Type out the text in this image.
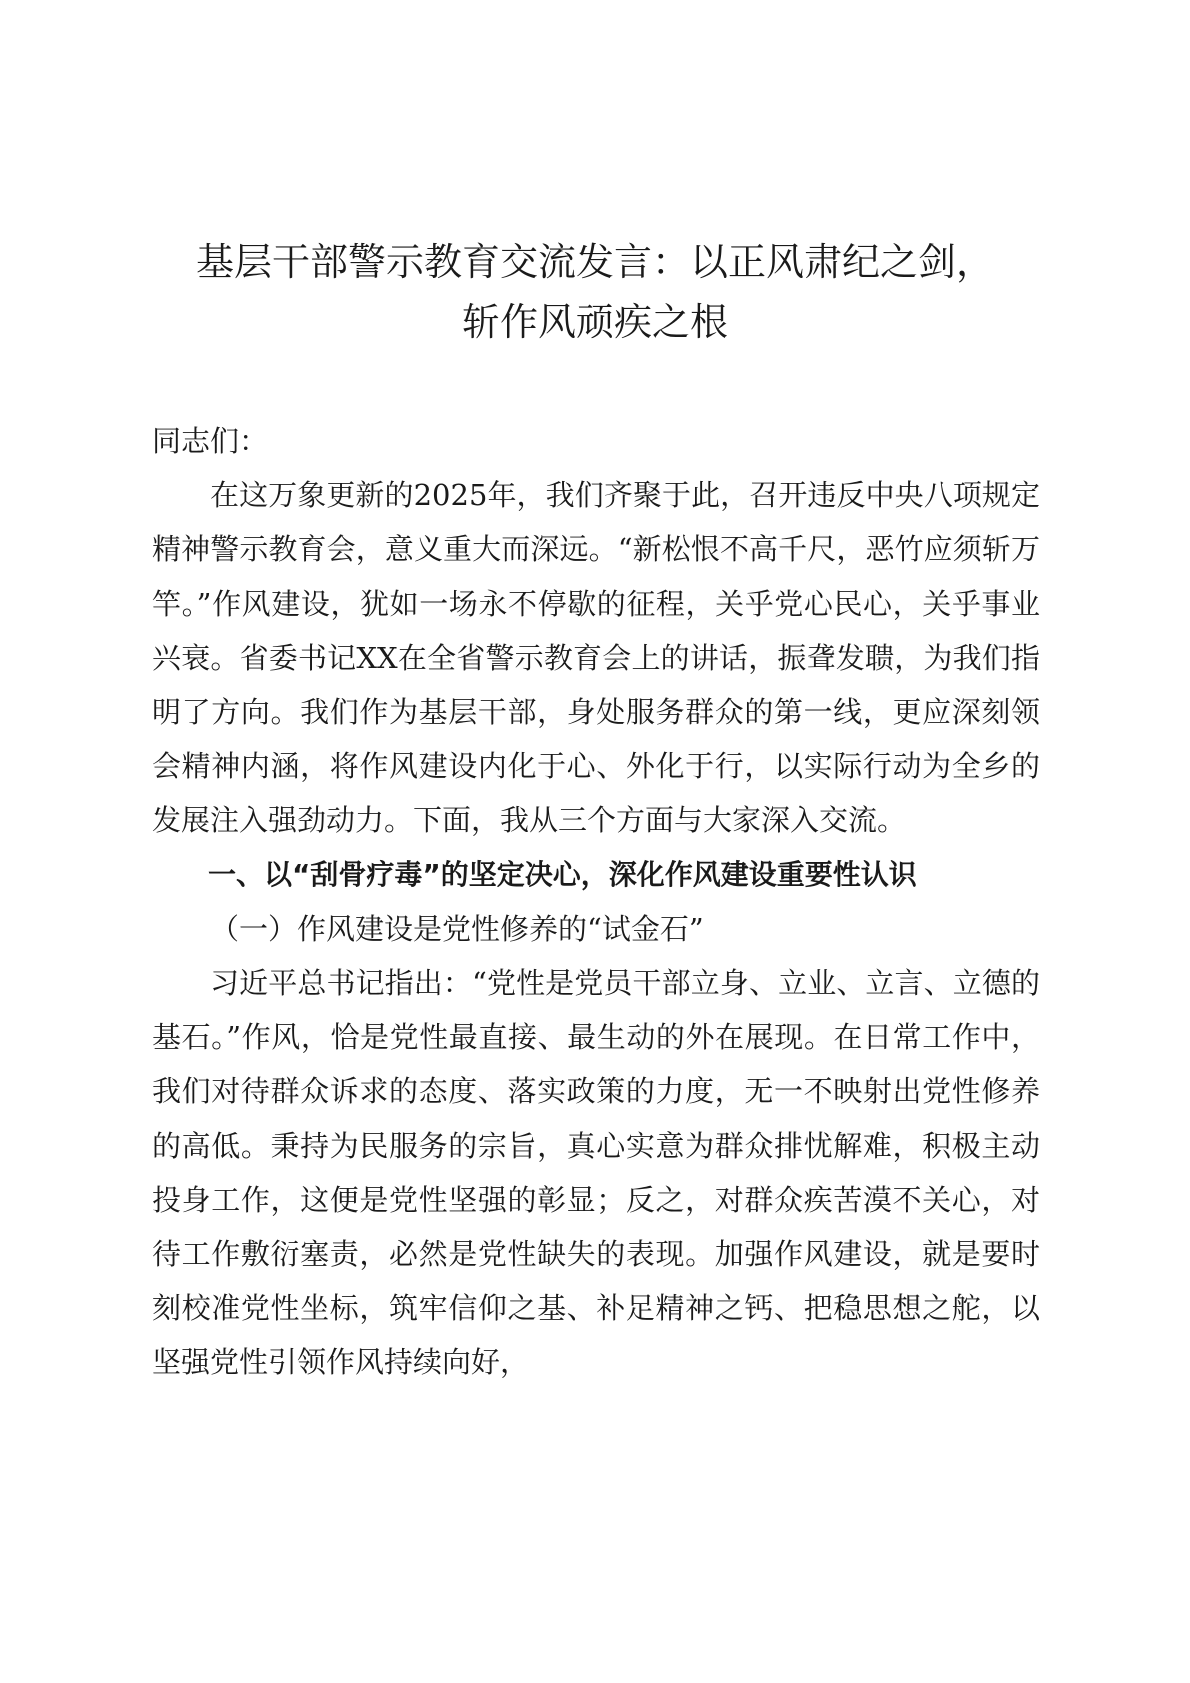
基层干部警示教育交流发言：以正风肃纪之剑，
斩作风顽疾之根

同志们：

在这万象更新的2025年，我们齐聚于此，召开违反中央八项规定精神警示教育会，意义重大而深远。“新松恨不高千尺，恶竹应须斩万竿。”作风建设，犹如一场永不停歇的征程，关乎党心民心，关乎事业兴衰。省委书记XX在全省警示教育会上的讲话，振聋发聩，为我们指明了方向。我们作为基层干部，身处服务群众的第一线，更应深刻领会精神内涵，将作风建设内化于心、外化于行，以实际行动为全乡的发展注入强劲动力。下面，我从三个方面与大家深入交流。

一、以“刮骨疗毒”的坚定决心，深化作风建设重要性认识

（一）作风建设是党性修养的“试金石”

习近平总书记指出：“党性是党员干部立身、立业、立言、立德的基石。”作风，恰是党性最直接、最生动的外在展现。在日常工作中，我们对待群众诉求的态度、落实政策的力度，无一不映射出党性修养的高低。秉持为民服务的宗旨，真心实意为群众排忧解难，积极主动投身工作，这便是党性坚强的彰显；反之，对群众疾苦漠不关心，对待工作敷衍塞责，必然是党性缺失的表现。加强作风建设，就是要时刻校准党性坐标，筑牢信仰之基、补足精神之钙、把稳思想之舵，以坚强党性引领作风持续向好，
